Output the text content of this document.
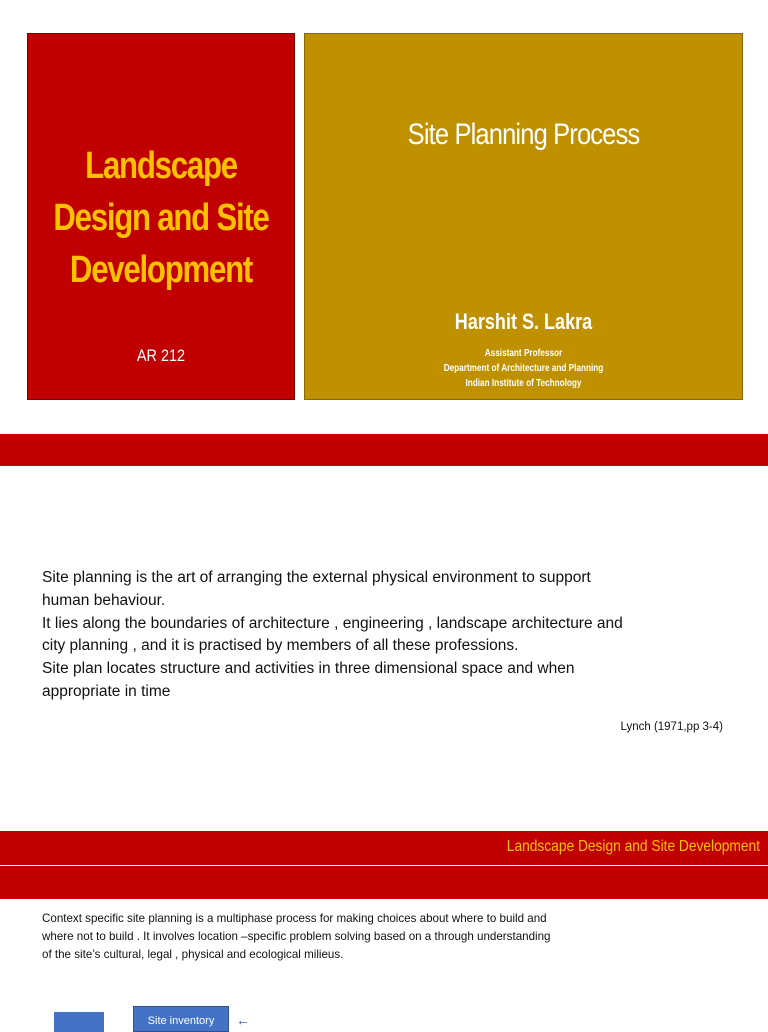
Landscape
Design and Site
Development
AR 212
Site Planning Process
Harshit S. Lakra
Assistant Professor
Department of Architecture and Planning
Indian Institute of Technology

Site planning is the art of arranging the external physical environment to support

human behaviour.

It lies along the boundaries of architecture , engineering , landscape architecture and

city planning , and it is practised by members of all these professions.

Site plan locates structure and activities in three dimensional space and when

appropriate in time

Lynch (1971,pp 3-4)
Landscape Design and Site Development
Context specific site planning is a multiphase process for making choices about where to build and
where not to build . It involves location –specific problem solving based on a through understanding
of the site’s cultural, legal , physical and ecological milieus.
Site inventory	←
